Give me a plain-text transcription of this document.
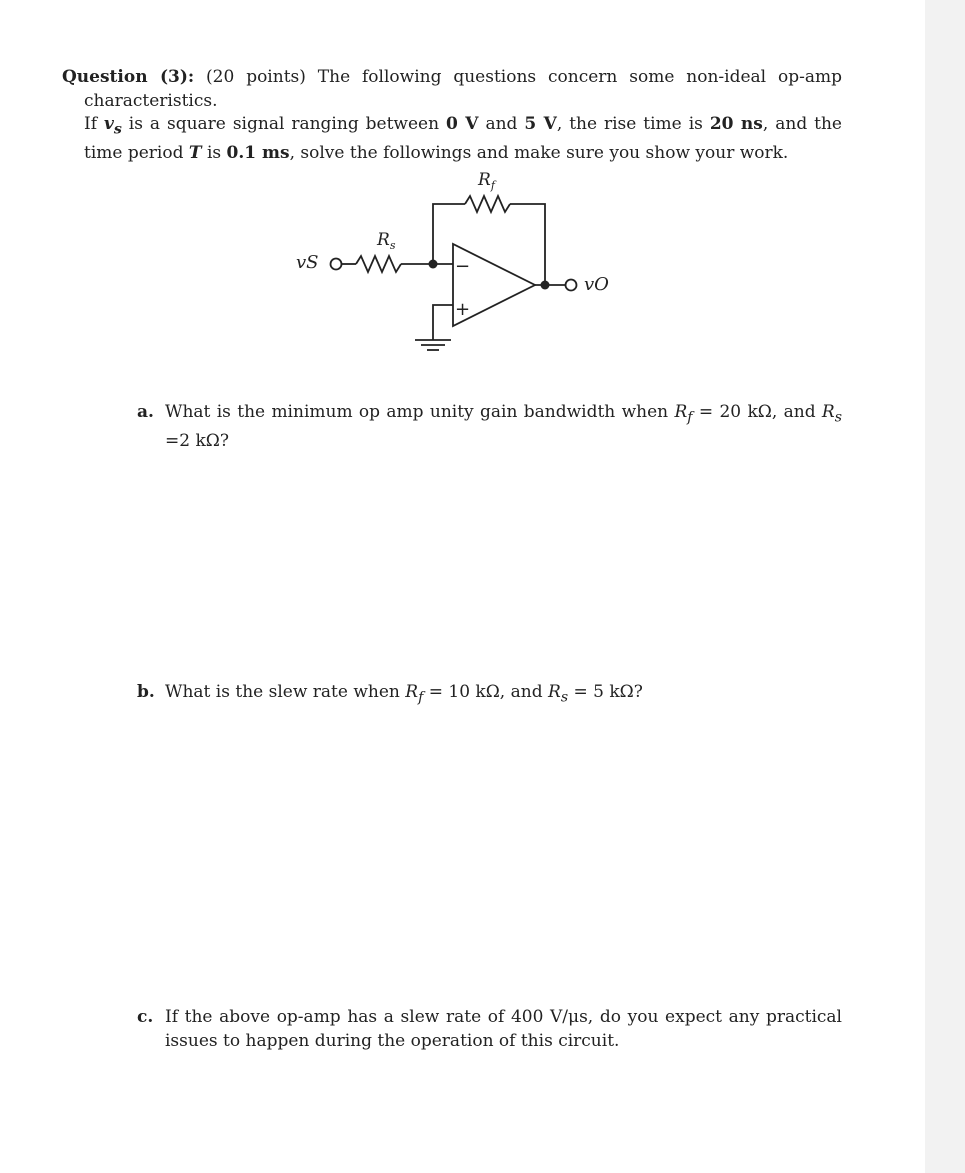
Question (3): (20 points) The following questions concern some non-ideal op-amp
characteristics.
If $v_s$ is a square signal ranging between 0 V and 5 V, the rise time is 20 ns, and the time period T is 0.1 ms, solve the followings and make sure you show your work.
$R_f$
$R_s$
vS	−
+
vO
a. What is the minimum op amp unity gain bandwidth when $R_f = 20$ kΩ, and $R_s =2$ kΩ?
b. What is the slew rate when $R_f = 10$ kΩ, and $R_s = 5$ kΩ?
c. If the above op-amp has a slew rate of 400 V/μs, do you expect any practical issues to happen during the operation of this circuit.
